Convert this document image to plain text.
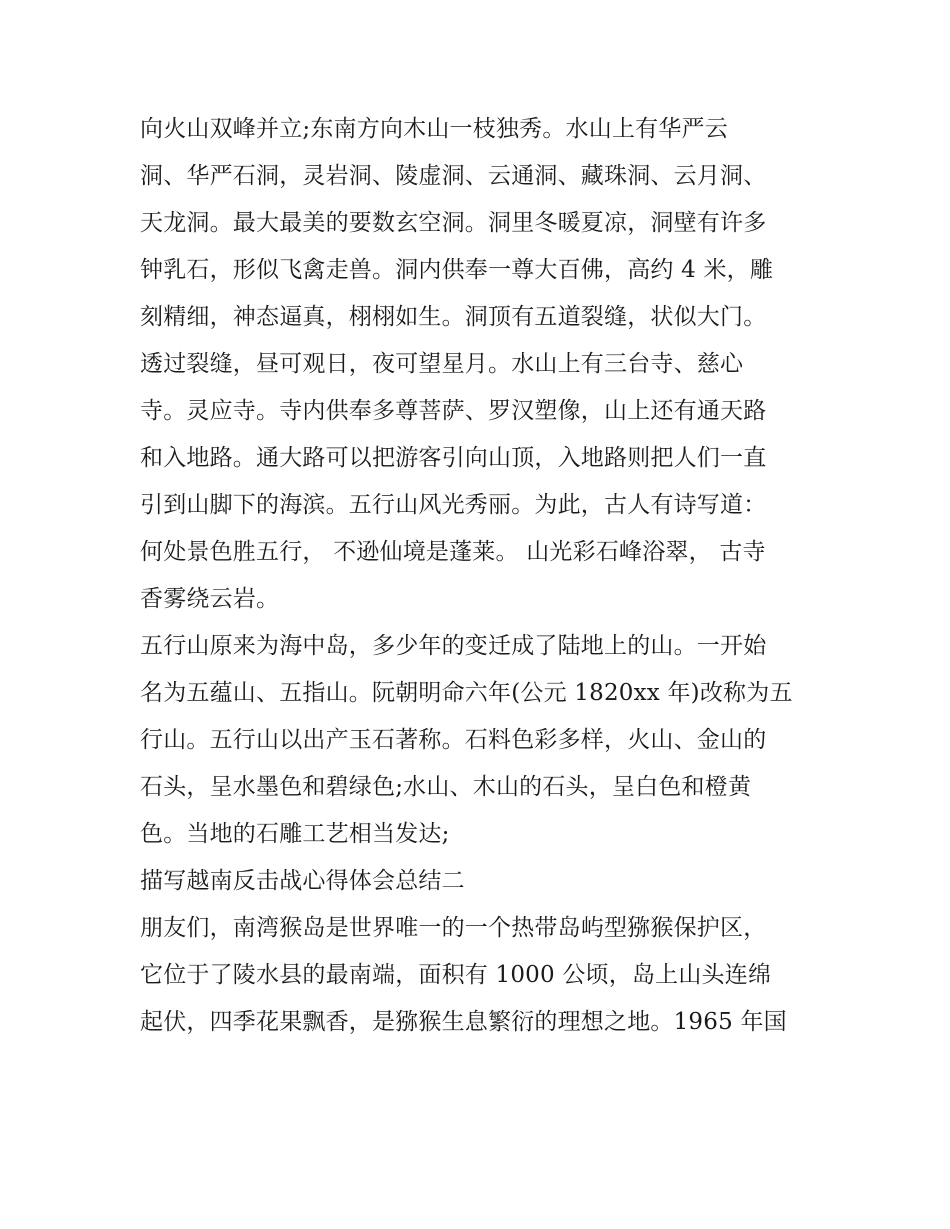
向火山双峰并立;东南方向木山一枝独秀。水山上有华严云
洞、华严石洞，灵岩洞、陵虚洞、云通洞、藏珠洞、云月洞、
天龙洞。最大最美的要数玄空洞。洞里冬暖夏凉，洞壁有许多
钟乳石，形似飞禽走兽。洞内供奉一尊大百佛，高约 4 米，雕
刻精细，神态逼真，栩栩如生。洞顶有五道裂缝，状似大门。
透过裂缝，昼可观日，夜可望星月。水山上有三台寺、慈心
寺。灵应寺。寺内供奉多尊菩萨、罗汉塑像，山上还有通天路
和入地路。通大路可以把游客引向山顶，入地路则把人们一直
引到山脚下的海滨。五行山风光秀丽。为此，古人有诗写道：
何处景色胜五行， 不逊仙境是蓬莱。 山光彩石峰浴翠， 古寺
香雾绕云岩。
五行山原来为海中岛，多少年的变迁成了陆地上的山。一开始
名为五蕴山、五指山。阮朝明命六年(公元 1820xx 年)改称为五
行山。五行山以出产玉石著称。石料色彩多样，火山、金山的
石头，呈水墨色和碧绿色;水山、木山的石头，呈白色和橙黄
色。当地的石雕工艺相当发达;
描写越南反击战心得体会总结二
朋友们，南湾猴岛是世界唯一的一个热带岛屿型猕猴保护区，
它位于了陵水县的最南端，面积有 1000 公顷，岛上山头连绵
起伏，四季花果飘香，是猕猴生息繁衍的理想之地。1965 年国
